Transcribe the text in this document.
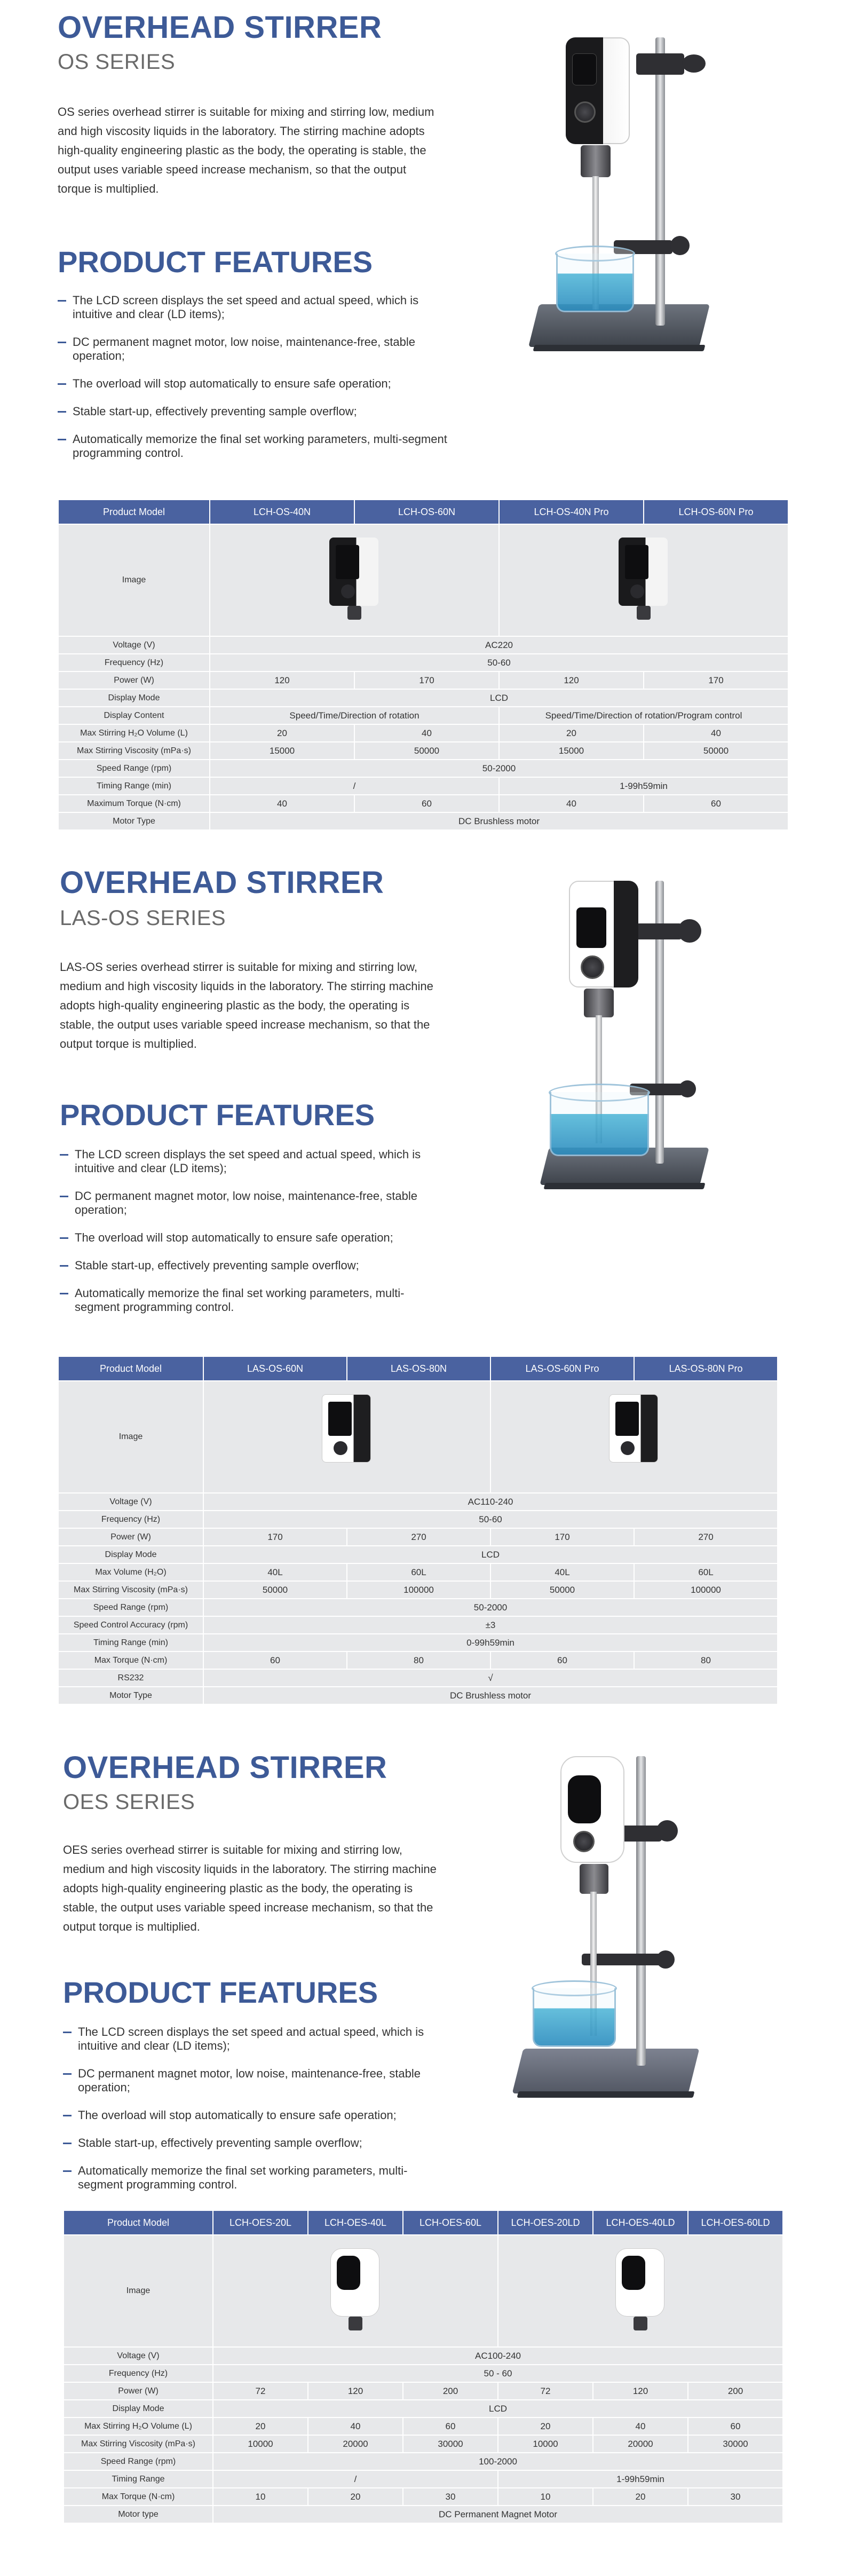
OVERHEAD STIRRER
OS SERIES
OS series overhead stirrer is suitable for mixing and stirring low, medium and high viscosity liquids in the laboratory. The stirring machine adopts high-quality engineering plastic as the body, the operating is stable, the output uses variable speed increase mechanism, so that the output torque is multiplied.
PRODUCT FEATURES
The LCD screen displays the set speed and actual speed, which is intuitive and clear (LD items);
DC permanent magnet motor, low noise, maintenance-free, stable operation;
The overload will stop automatically to ensure safe operation;
Stable start-up, effectively preventing sample overflow;
Automatically memorize the final set working parameters, multi-segment programming control.
Product Model	LCH-OS-40N	LCH-OS-60N	LCH-OS-40N Pro	LCH-OS-60N Pro
Image			

Voltage (V)	AC220			
Frequency (Hz)	50-60			
Power (W)	120	170	120	170
Display Mode	LCD			
Display Content	Speed/Time/Direction of rotation		Speed/Time/Direction of rotation/Program control	
Max Stirring H₂O Volume (L)	20	40	20	40
Max Stirring Viscosity (mPa·s)	15000	50000	15000	50000
Speed Range (rpm)	50-2000			
Timing Range (min)	/		1-99h59min	
Maximum Torque (N·cm)	40	60	40	60
Motor Type	DC Brushless motor			
OVERHEAD STIRRER
LAS-OS SERIES
LAS-OS series overhead stirrer is suitable for mixing and stirring low, medium and high viscosity liquids in the laboratory. The stirring machine adopts high-quality engineering plastic as the body, the operating is stable, the output uses variable speed increase mechanism, so that the output torque is multiplied.
PRODUCT FEATURES
The LCD screen displays the set speed and actual speed, which is intuitive and clear (LD items);
DC permanent magnet motor, low noise, maintenance-free, stable operation;
The overload will stop automatically to ensure safe operation;
Stable start-up, effectively preventing sample overflow;
Automatically memorize the final set working parameters, multi-segment programming control.
Product Model	LAS-OS-60N	LAS-OS-80N	LAS-OS-60N Pro	LAS-OS-80N Pro
Image			

Voltage (V)	AC110-240			
Frequency (Hz)	50-60			
Power (W)	170	270	170	270
Display Mode	LCD			
Max Volume (H₂O)	40L	60L	40L	60L
Max Stirring Viscosity (mPa·s)	50000	100000	50000	100000
Speed Range (rpm)	50-2000			
Speed Control Accuracy (rpm)	±3			
Timing Range (min)	0-99h59min			
Max Torque (N·cm)	60	80	60	80
RS232	√			
Motor Type	DC Brushless motor			
OVERHEAD STIRRER
OES SERIES
OES series overhead stirrer is suitable for mixing and stirring low, medium and high viscosity liquids in the laboratory. The stirring machine adopts high-quality engineering plastic as the body, the operating is stable, the output uses variable speed increase mechanism, so that the output torque is multiplied.
PRODUCT FEATURES
The LCD screen displays the set speed and actual speed, which is intuitive and clear (LD items);
DC permanent magnet motor, low noise, maintenance-free, stable operation;
The overload will stop automatically to ensure safe operation;
Stable start-up, effectively preventing sample overflow;
Automatically memorize the final set working parameters, multi-segment programming control.
Product Model	LCH-OES-20L	LCH-OES-40L	LCH-OES-60L	LCH-OES-20LD	LCH-OES-40LD	LCH-OES-60LD
Image					

Voltage (V)	AC100-240					
Frequency (Hz)	50 - 60					
Power (W)	72	120	200	72	120	200
Display Mode	LCD					
Max Stirring H₂O Volume (L)	20	40	60	20	40	60
Max Stirring Viscosity (mPa·s)	10000	20000	30000	10000	20000	30000
Speed Range (rpm)	100-2000					
Timing Range	/			1-99h59min		
Max Torque (N·cm)	10	20	30	10	20	30
Motor type	DC Permanent Magnet Motor					
